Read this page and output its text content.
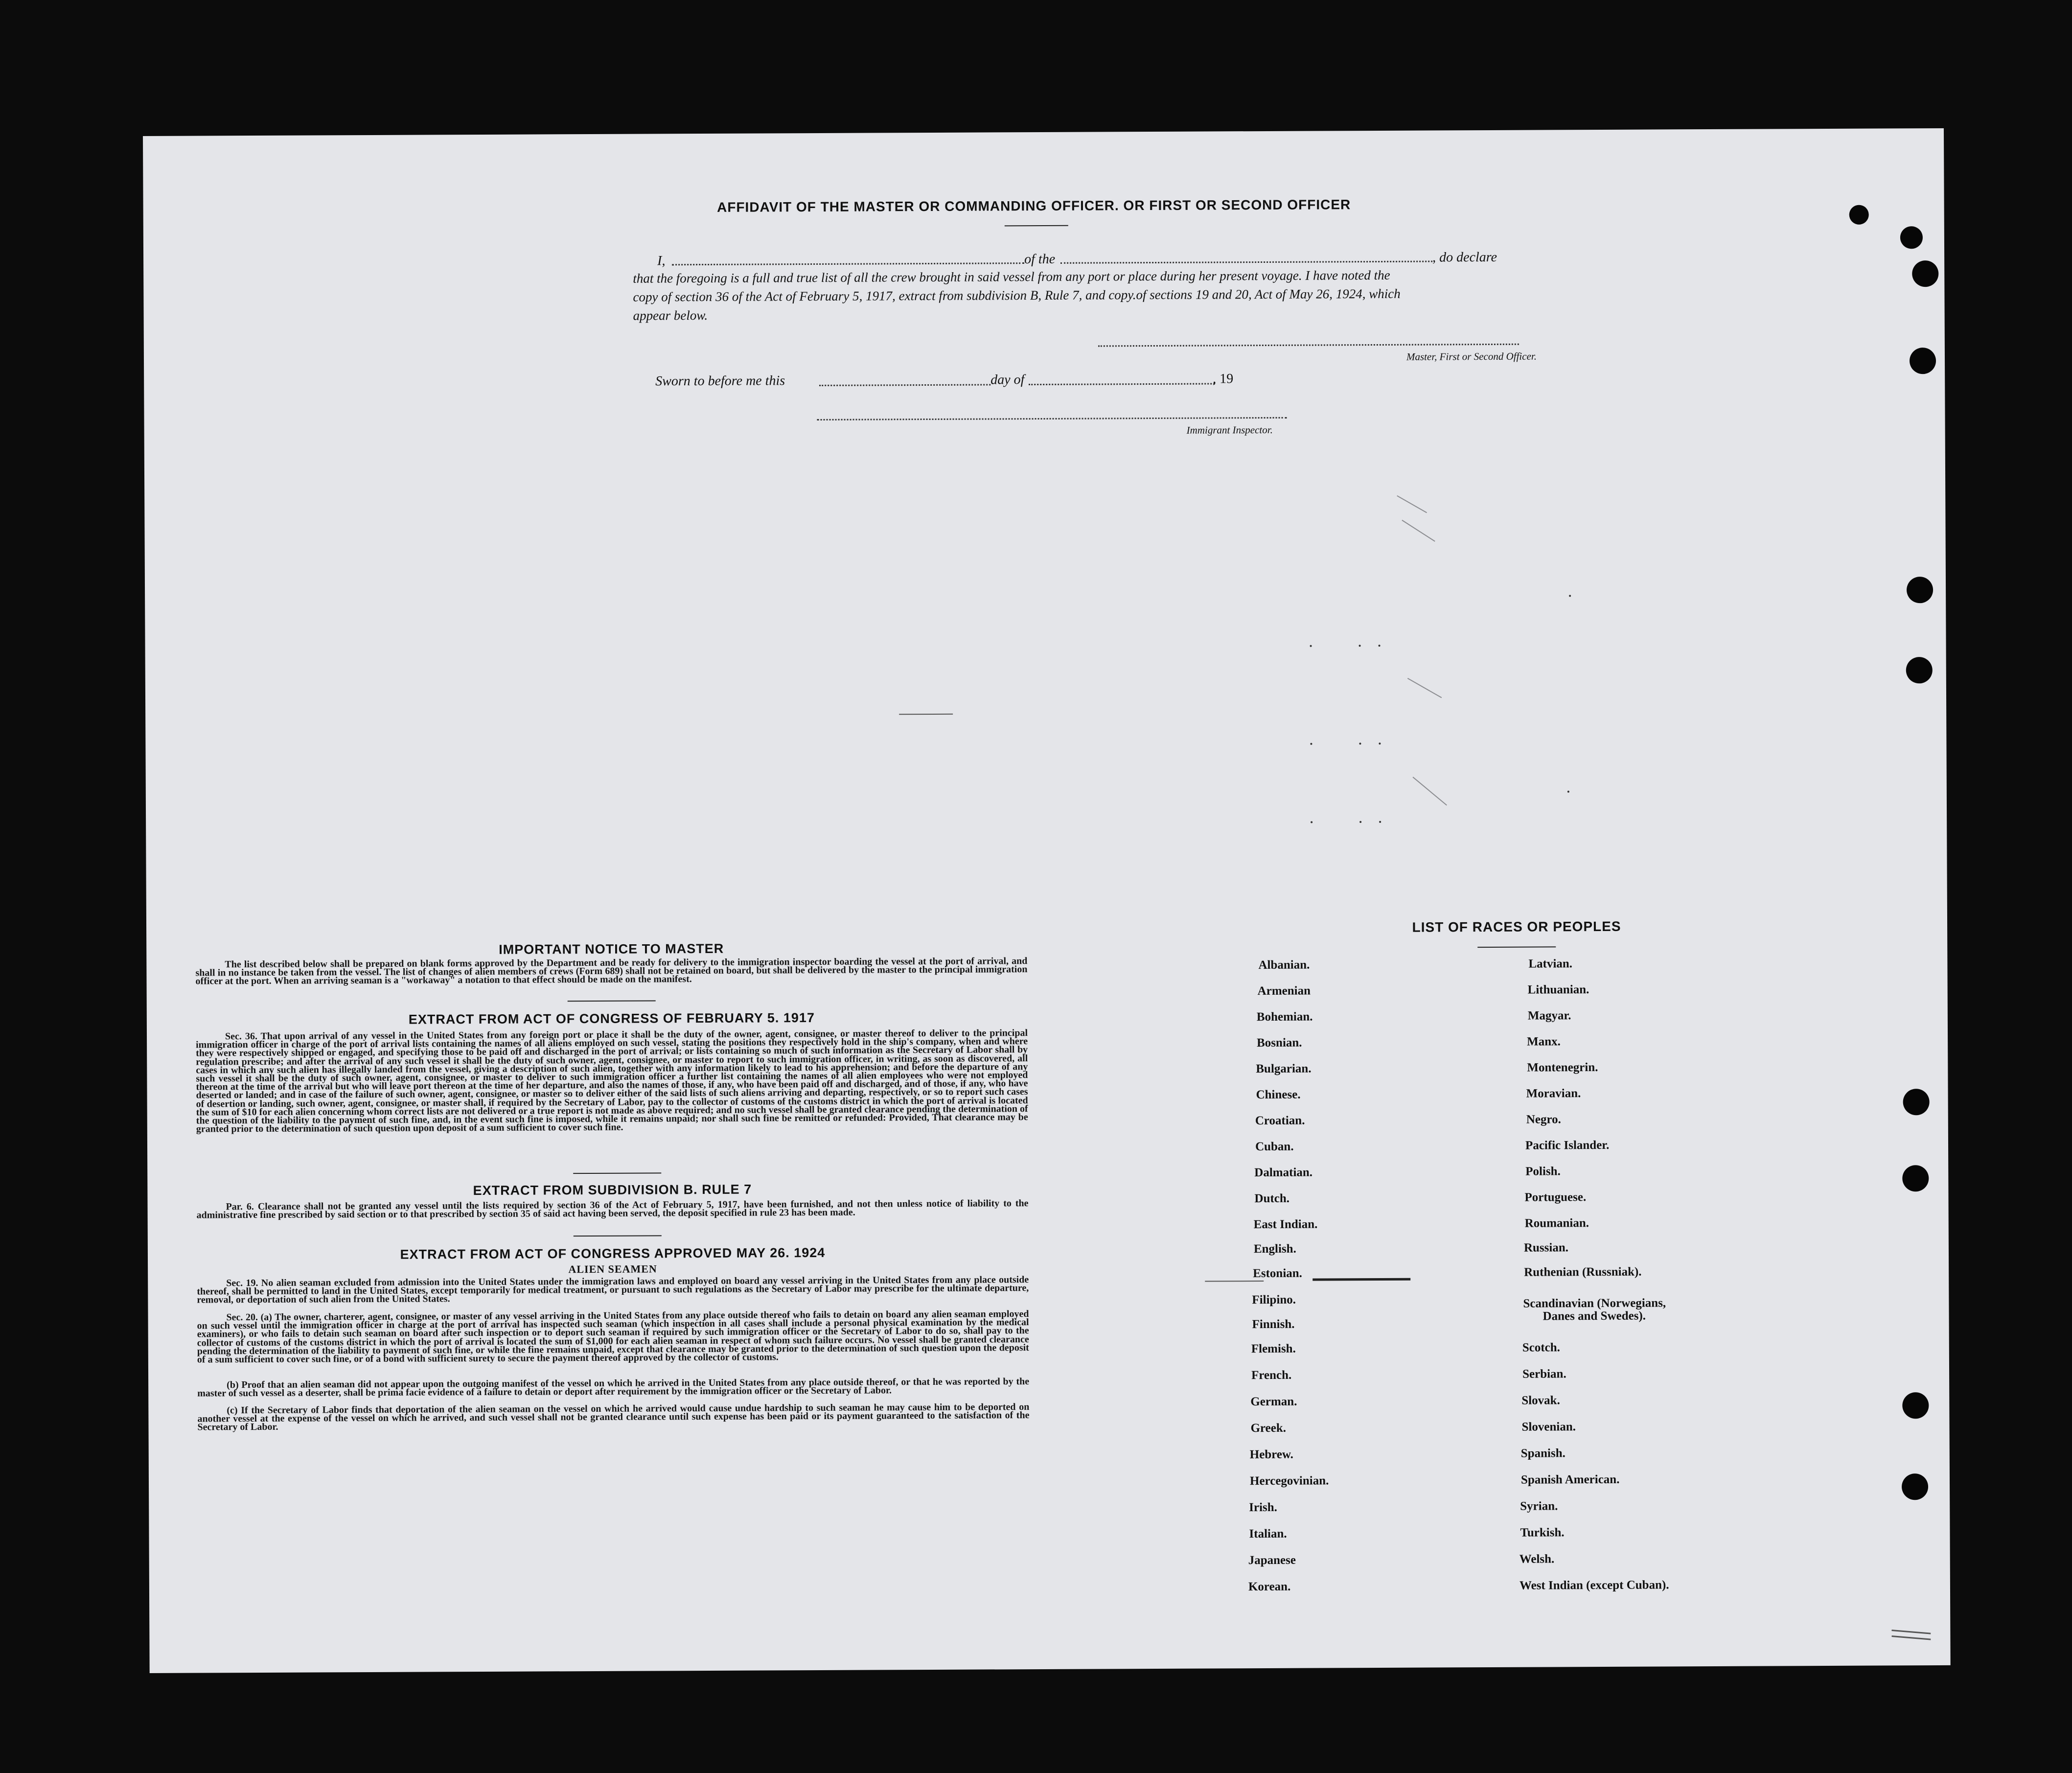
AFFIDAVIT OF THE MASTER OR COMMANDING OFFICER. OR FIRST OR SECOND OFFICER
I,	of the	, do declare
that the foregoing is a full and true list of all the crew brought in said vessel from any port or place during her present voyage. I have noted the
copy of section 36 of the Act of February 5, 1917, extract from subdivision B, Rule 7, and copy.of sections 19 and 20, Act of May 26, 1924, which
appear below.
Master, First or Second Officer.
Sworn to before me this	day of	, 19
Immigrant Inspector.
IMPORTANT NOTICE TO MASTER
The list described below shall be prepared on blank forms approved by the Department and be ready for delivery to the immigration inspector boarding the vessel at the port of arrival, and shall in no instance be taken from the vessel. The list of changes of alien members of crews (Form 689) shall not be retained on board, but shall be delivered by the master to the principal immigration officer at the port. When an arriving seaman is a "workaway" a notation to that effect should be made on the manifest.
EXTRACT FROM ACT OF CONGRESS OF FEBRUARY 5. 1917
Sec. 36. That upon arrival of any vessel in the United States from any foreign port or place it shall be the duty of the owner, agent, consignee, or master thereof to deliver to the principal immigration officer in charge of the port of arrival lists containing the names of all aliens employed on such vessel, stating the positions they respectively hold in the ship's company, when and where they were respectively shipped or engaged, and specifying those to be paid off and discharged in the port of arrival; or lists containing so much of such information as the Secretary of Labor shall by regulation prescribe; and after the arrival of any such vessel it shall be the duty of such owner, agent, consignee, or master to report to such immigration officer, in writing, as soon as discovered, all cases in which any such alien has illegally landed from the vessel, giving a description of such alien, together with any information likely to lead to his apprehension; and before the departure of any such vessel it shall be the duty of such owner, agent, consignee, or master to deliver to such immigration officer a further list containing the names of all alien employees who were not employed thereon at the time of the arrival but who will leave port thereon at the time of her departure, and also the names of those, if any, who have been paid off and discharged, and of those, if any, who have deserted or landed; and in case of the failure of such owner, agent, consignee, or master so to deliver either of the said lists of such aliens arriving and departing, respectively, or so to report such cases of desertion or landing, such owner, agent, consignee, or master shall, if required by the Secretary of Labor, pay to the collector of customs of the customs district in which the port of arrival is located the sum of $10 for each alien concerning whom correct lists are not delivered or a true report is not made as above required; and no such vessel shall be granted clearance pending the determination of the question of the liability to the payment of such fine, and, in the event such fine is imposed, while it remains unpaid; nor shall such fine be remitted or refunded: Provided, That clearance may be granted prior to the determination of such question upon deposit of a sum sufficient to cover such fine.
EXTRACT FROM SUBDIVISION B. RULE 7
Par. 6. Clearance shall not be granted any vessel until the lists required by section 36 of the Act of February 5, 1917, have been furnished, and not then unless notice of liability to the administrative fine prescribed by said section or to that prescribed by section 35 of said act having been served, the deposit specified in rule 23 has been made.
EXTRACT FROM ACT OF CONGRESS APPROVED MAY 26. 1924
ALIEN SEAMEN
Sec. 19. No alien seaman excluded from admission into the United States under the immigration laws and employed on board any vessel arriving in the United States from any place outside thereof, shall be permitted to land in the United States, except temporarily for medical treatment, or pursuant to such regulations as the Secretary of Labor may prescribe for the ultimate departure, removal, or deportation of such alien from the United States.
Sec. 20. (a) The owner, charterer, agent, consignee, or master of any vessel arriving in the United States from any place outside thereof who fails to detain on board any alien seaman employed on such vessel until the immigration officer in charge at the port of arrival has inspected such seaman (which inspection in all cases shall include a personal physical examination by the medical examiners), or who fails to detain such seaman on board after such inspection or to deport such seaman if required by such immigration officer or the Secretary of Labor to do so, shall pay to the collector of customs of the customs district in which the port of arrival is located the sum of $1,000 for each alien seaman in respect of whom such failure occurs. No vessel shall be granted clearance pending the determination of the liability to payment of such fine, or while the fine remains unpaid, except that clearance may be granted prior to the determination of such question upon the deposit of a sum sufficient to cover such fine, or of a bond with sufficient surety to secure the payment thereof approved by the collector of customs.
(b) Proof that an alien seaman did not appear upon the outgoing manifest of the vessel on which he arrived in the United States from any place outside thereof, or that he was reported by the master of such vessel as a deserter, shall be prima facie evidence of a failure to detain or deport after requirement by the immigration officer or the Secretary of Labor.
(c) If the Secretary of Labor finds that deportation of the alien seaman on the vessel on which he arrived would cause undue hardship to such seaman he may cause him to be deported on another vessel at the expense of the vessel on which he arrived, and such vessel shall not be granted clearance until such expense has been paid or its payment guaranteed to the satisfaction of the Secretary of Labor.
LIST OF RACES OR PEOPLES
Albanian.
Armenian
Bohemian.
Bosnian.
Bulgarian.
Chinese.
Croatian.
Cuban.
Dalmatian.
Dutch.
East Indian.
English.
Estonian.
Filipino.
Finnish.
Flemish.
French.
German.
Greek.
Hebrew.
Hercegovinian.
Irish.
Italian.
Japanese
Korean.
Latvian.
Lithuanian.
Magyar.
Manx.
Montenegrin.
Moravian.
Negro.
Pacific Islander.
Polish.
Portuguese.
Roumanian.
Russian.
Ruthenian (Russniak).
Scandinavian (Norwegians,
Danes and Swedes).
Scotch.
Serbian.
Slovak.
Slovenian.
Spanish.
Spanish American.
Syrian.
Turkish.
Welsh.
West Indian (except Cuban).
